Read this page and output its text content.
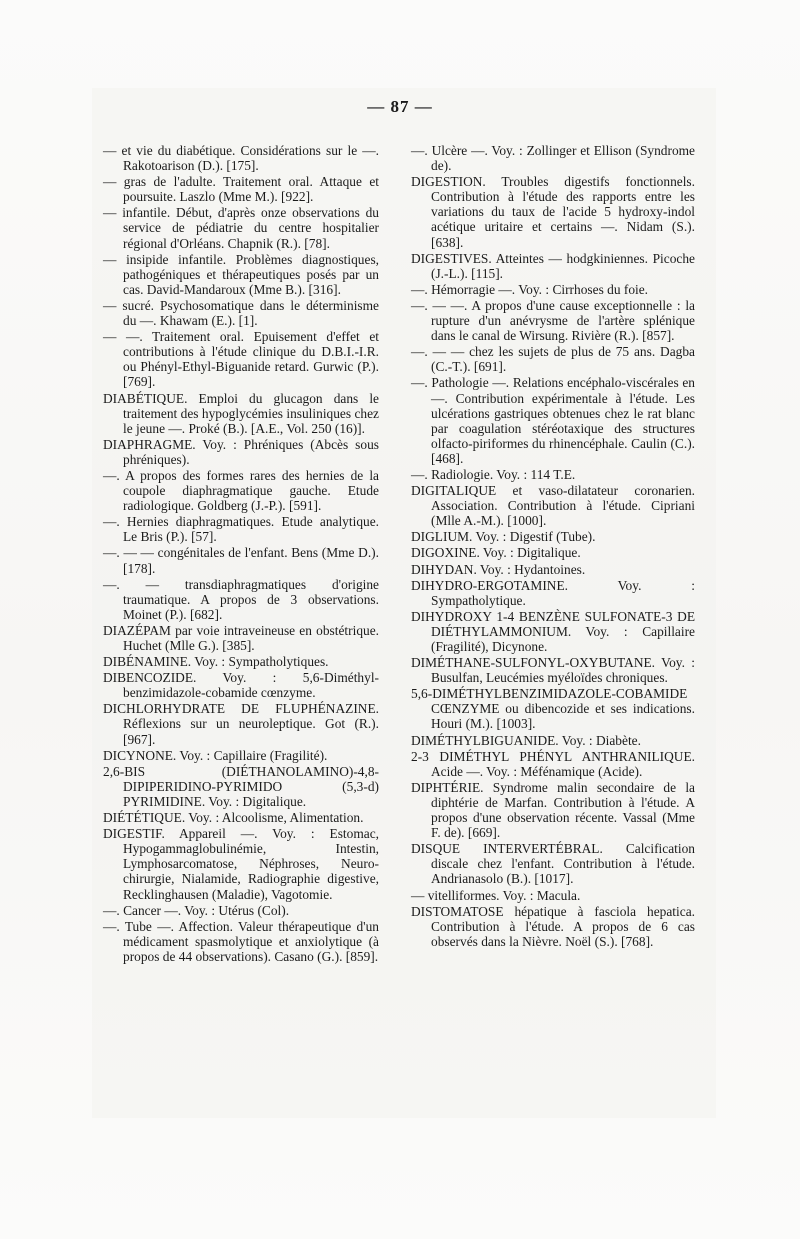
— 87 —

— et vie du diabétique. Considérations sur le —. Rakotoarison (D.). [175].

— gras de l'adulte. Traitement oral. Attaque et poursuite. Laszlo (Mme M.). [922].

— infantile. Début, d'après onze observations du service de pédiatrie du centre hospitalier régional d'Orléans. Chapnik (R.). [78].

— insipide infantile. Problèmes diagnostiques, pathogéniques et thérapeutiques posés par un cas. David-Mandaroux (Mme B.). [316].

— sucré. Psychosomatique dans le déterminisme du —. Khawam (E.). [1].

— —. Traitement oral. Epuisement d'effet et contributions à l'étude clinique du D.B.I.-I.R. ou Phényl-Ethyl-Biguanide retard. Gurwic (P.). [769].

DIABÉTIQUE. Emploi du glucagon dans le traitement des hypoglycémies insuliniques chez le jeune —. Proké (B.). [A.E., Vol. 250 (16)].

DIAPHRAGME. Voy. : Phréniques (Abcès sous phréniques).

—. A propos des formes rares des hernies de la coupole diaphragmatique gauche. Etude radiologique. Goldberg (J.-P.). [591].

—. Hernies diaphragmatiques. Etude analytique. Le Bris (P.). [57].

—. — — congénitales de l'enfant. Bens (Mme D.). [178].

—. — transdiaphragmatiques d'origine traumatique. A propos de 3 observations. Moinet (P.). [682].

DIAZÉPAM par voie intraveineuse en obstétrique. Huchet (Mlle G.). [385].

DIBÉNAMINE. Voy. : Sympatholytiques.

DIBENCOZIDE. Voy. : 5,6-Diméthyl-benzimidazole-cobamide cœnzyme.

DICHLORHYDRATE DE FLUPHÉNAZINE. Réflexions sur un neuroleptique. Got (R.). [967].

DICYNONE. Voy. : Capillaire (Fragilité).

2,6-BIS (DIÉTHANOLAMINO)-4,8-DIPIPERIDINO-PYRIMIDO (5,3-d) PYRIMIDINE. Voy. : Digitalique.

DIÉTÉTIQUE. Voy. : Alcoolisme, Alimentation.

DIGESTIF. Appareil —. Voy. : Estomac, Hypogammaglobulinémie, Intestin, Lymphosarcomatose, Néphroses, Neuro-chirurgie, Nialamide, Radiographie digestive, Recklinghausen (Maladie), Vagotomie.

—. Cancer —. Voy. : Utérus (Col).

—. Tube —. Affection. Valeur thérapeutique d'un médicament spasmolytique et anxiolytique (à propos de 44 observations). Casano (G.). [859].

—. Ulcère —. Voy. : Zollinger et Ellison (Syndrome de).

DIGESTION. Troubles digestifs fonctionnels. Contribution à l'étude des rapports entre les variations du taux de l'acide 5 hydroxy-indol acétique uritaire et certains —. Nidam (S.). [638].

DIGESTIVES. Atteintes — hodgkiniennes. Picoche (J.-L.). [115].

—. Hémorragie —. Voy. : Cirrhoses du foie.

—. — —. A propos d'une cause exceptionnelle : la rupture d'un anévrysme de l'artère splénique dans le canal de Wirsung. Rivière (R.). [857].

—. — — chez les sujets de plus de 75 ans. Dagba (C.-T.). [691].

—. Pathologie —. Relations encéphalo-viscérales en —. Contribution expérimentale à l'étude. Les ulcérations gastriques obtenues chez le rat blanc par coagulation stéréotaxique des structures olfacto-piriformes du rhinencéphale. Caulin (C.). [468].

—. Radiologie. Voy. : 114 T.E.

DIGITALIQUE et vaso-dilatateur coronarien. Association. Contribution à l'étude. Cipriani (Mlle A.-M.). [1000].

DIGLIUM. Voy. : Digestif (Tube).

DIGOXINE. Voy. : Digitalique.

DIHYDAN. Voy. : Hydantoines.

DIHYDRO-ERGOTAMINE. Voy. : Sympatholytique.

DIHYDROXY 1-4 BENZÈNE SULFONATE-3 DE DIÉTHYLAMMONIUM. Voy. : Capillaire (Fragilité), Dicynone.

DIMÉTHANE-SULFONYL-OXYBUTANE. Voy. : Busulfan, Leucémies myéloïdes chroniques.

5,6-DIMÉTHYLBENZIMIDAZOLE-COBAMIDE CŒNZYME ou dibencozide et ses indications. Houri (M.). [1003].

DIMÉTHYLBIGUANIDE. Voy. : Diabète.

2-3 DIMÉTHYL PHÉNYL ANTHRANILIQUE. Acide —. Voy. : Méfénamique (Acide).

DIPHTÉRIE. Syndrome malin secondaire de la diphtérie de Marfan. Contribution à l'étude. A propos d'une observation récente. Vassal (Mme F. de). [669].

DISQUE INTERVERTÉBRAL. Calcification discale chez l'enfant. Contribution à l'étude. Andrianasolo (B.). [1017].

— vitelliformes. Voy. : Macula.

DISTOMATOSE hépatique à fasciola hepatica. Contribution à l'étude. A propos de 6 cas observés dans la Nièvre. Noël (S.). [768].
